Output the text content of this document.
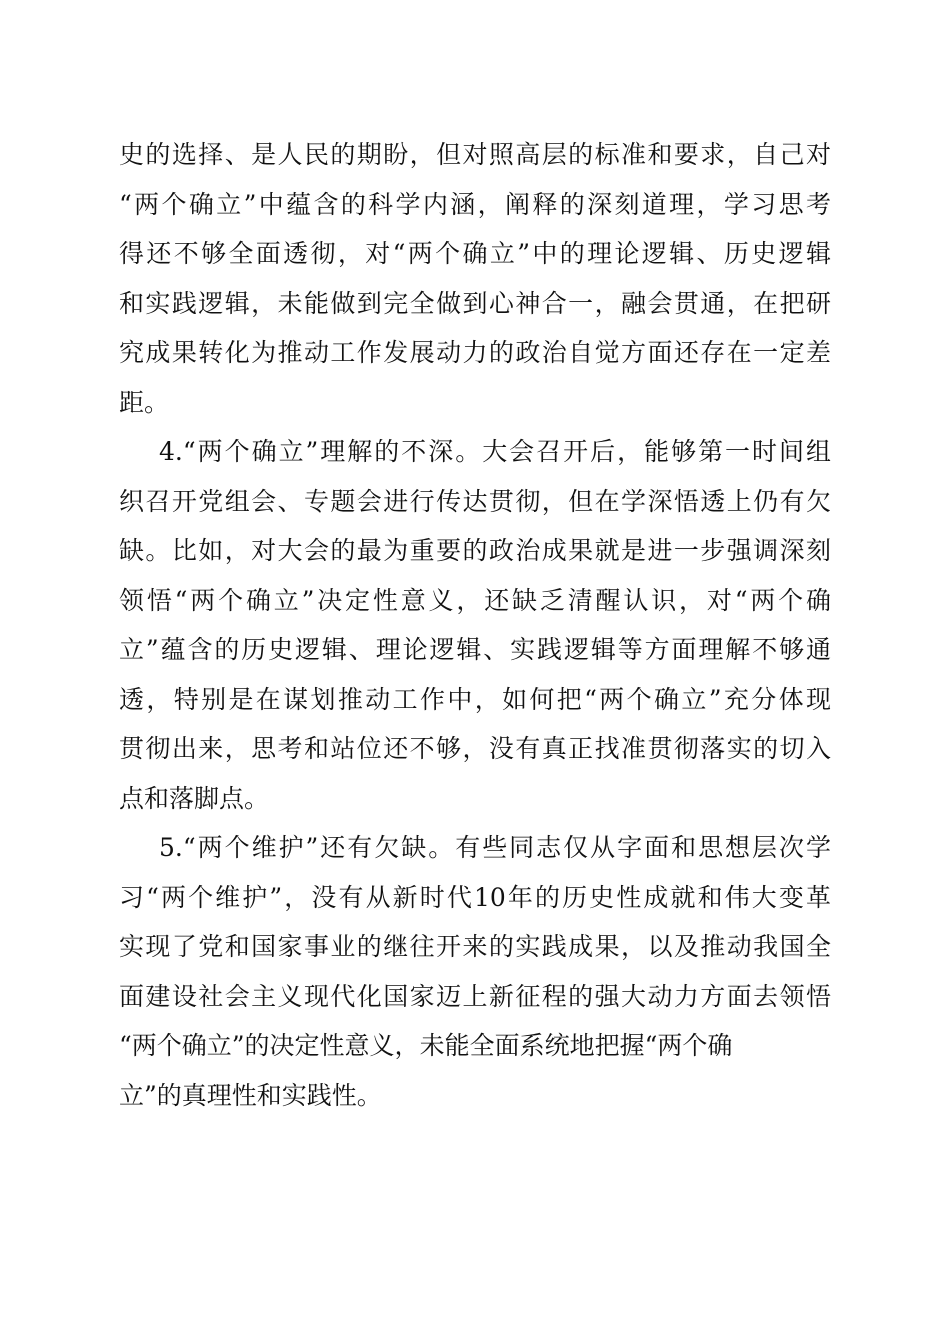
史的选择、是人民的期盼，但对照高层的标准和要求，自己对
“两个确立”中蕴含的科学内涵，阐释的深刻道理，学习思考
得还不够全面透彻，对“两个确立”中的理论逻辑、历史逻辑
和实践逻辑，未能做到完全做到心神合一，融会贯通，在把研
究成果转化为推动工作发展动力的政治自觉方面还存在一定差
距。
4.“两个确立”理解的不深。大会召开后，能够第一时间组
织召开党组会、专题会进行传达贯彻，但在学深悟透上仍有欠
缺。比如，对大会的最为重要的政治成果就是进一步强调深刻
领悟“两个确立”决定性意义，还缺乏清醒认识，对“两个确
立”蕴含的历史逻辑、理论逻辑、实践逻辑等方面理解不够通
透，特别是在谋划推动工作中，如何把“两个确立”充分体现
贯彻出来，思考和站位还不够，没有真正找准贯彻落实的切入
点和落脚点。
5.“两个维护”还有欠缺。有些同志仅从字面和思想层次学
习“两个维护”，没有从新时代10年的历史性成就和伟大变革
实现了党和国家事业的继往开来的实践成果，以及推动我国全
面建设社会主义现代化国家迈上新征程的强大动力方面去领悟
“两个确立”的决定性意义，未能全面系统地把握“两个确
立”的真理性和实践性。
